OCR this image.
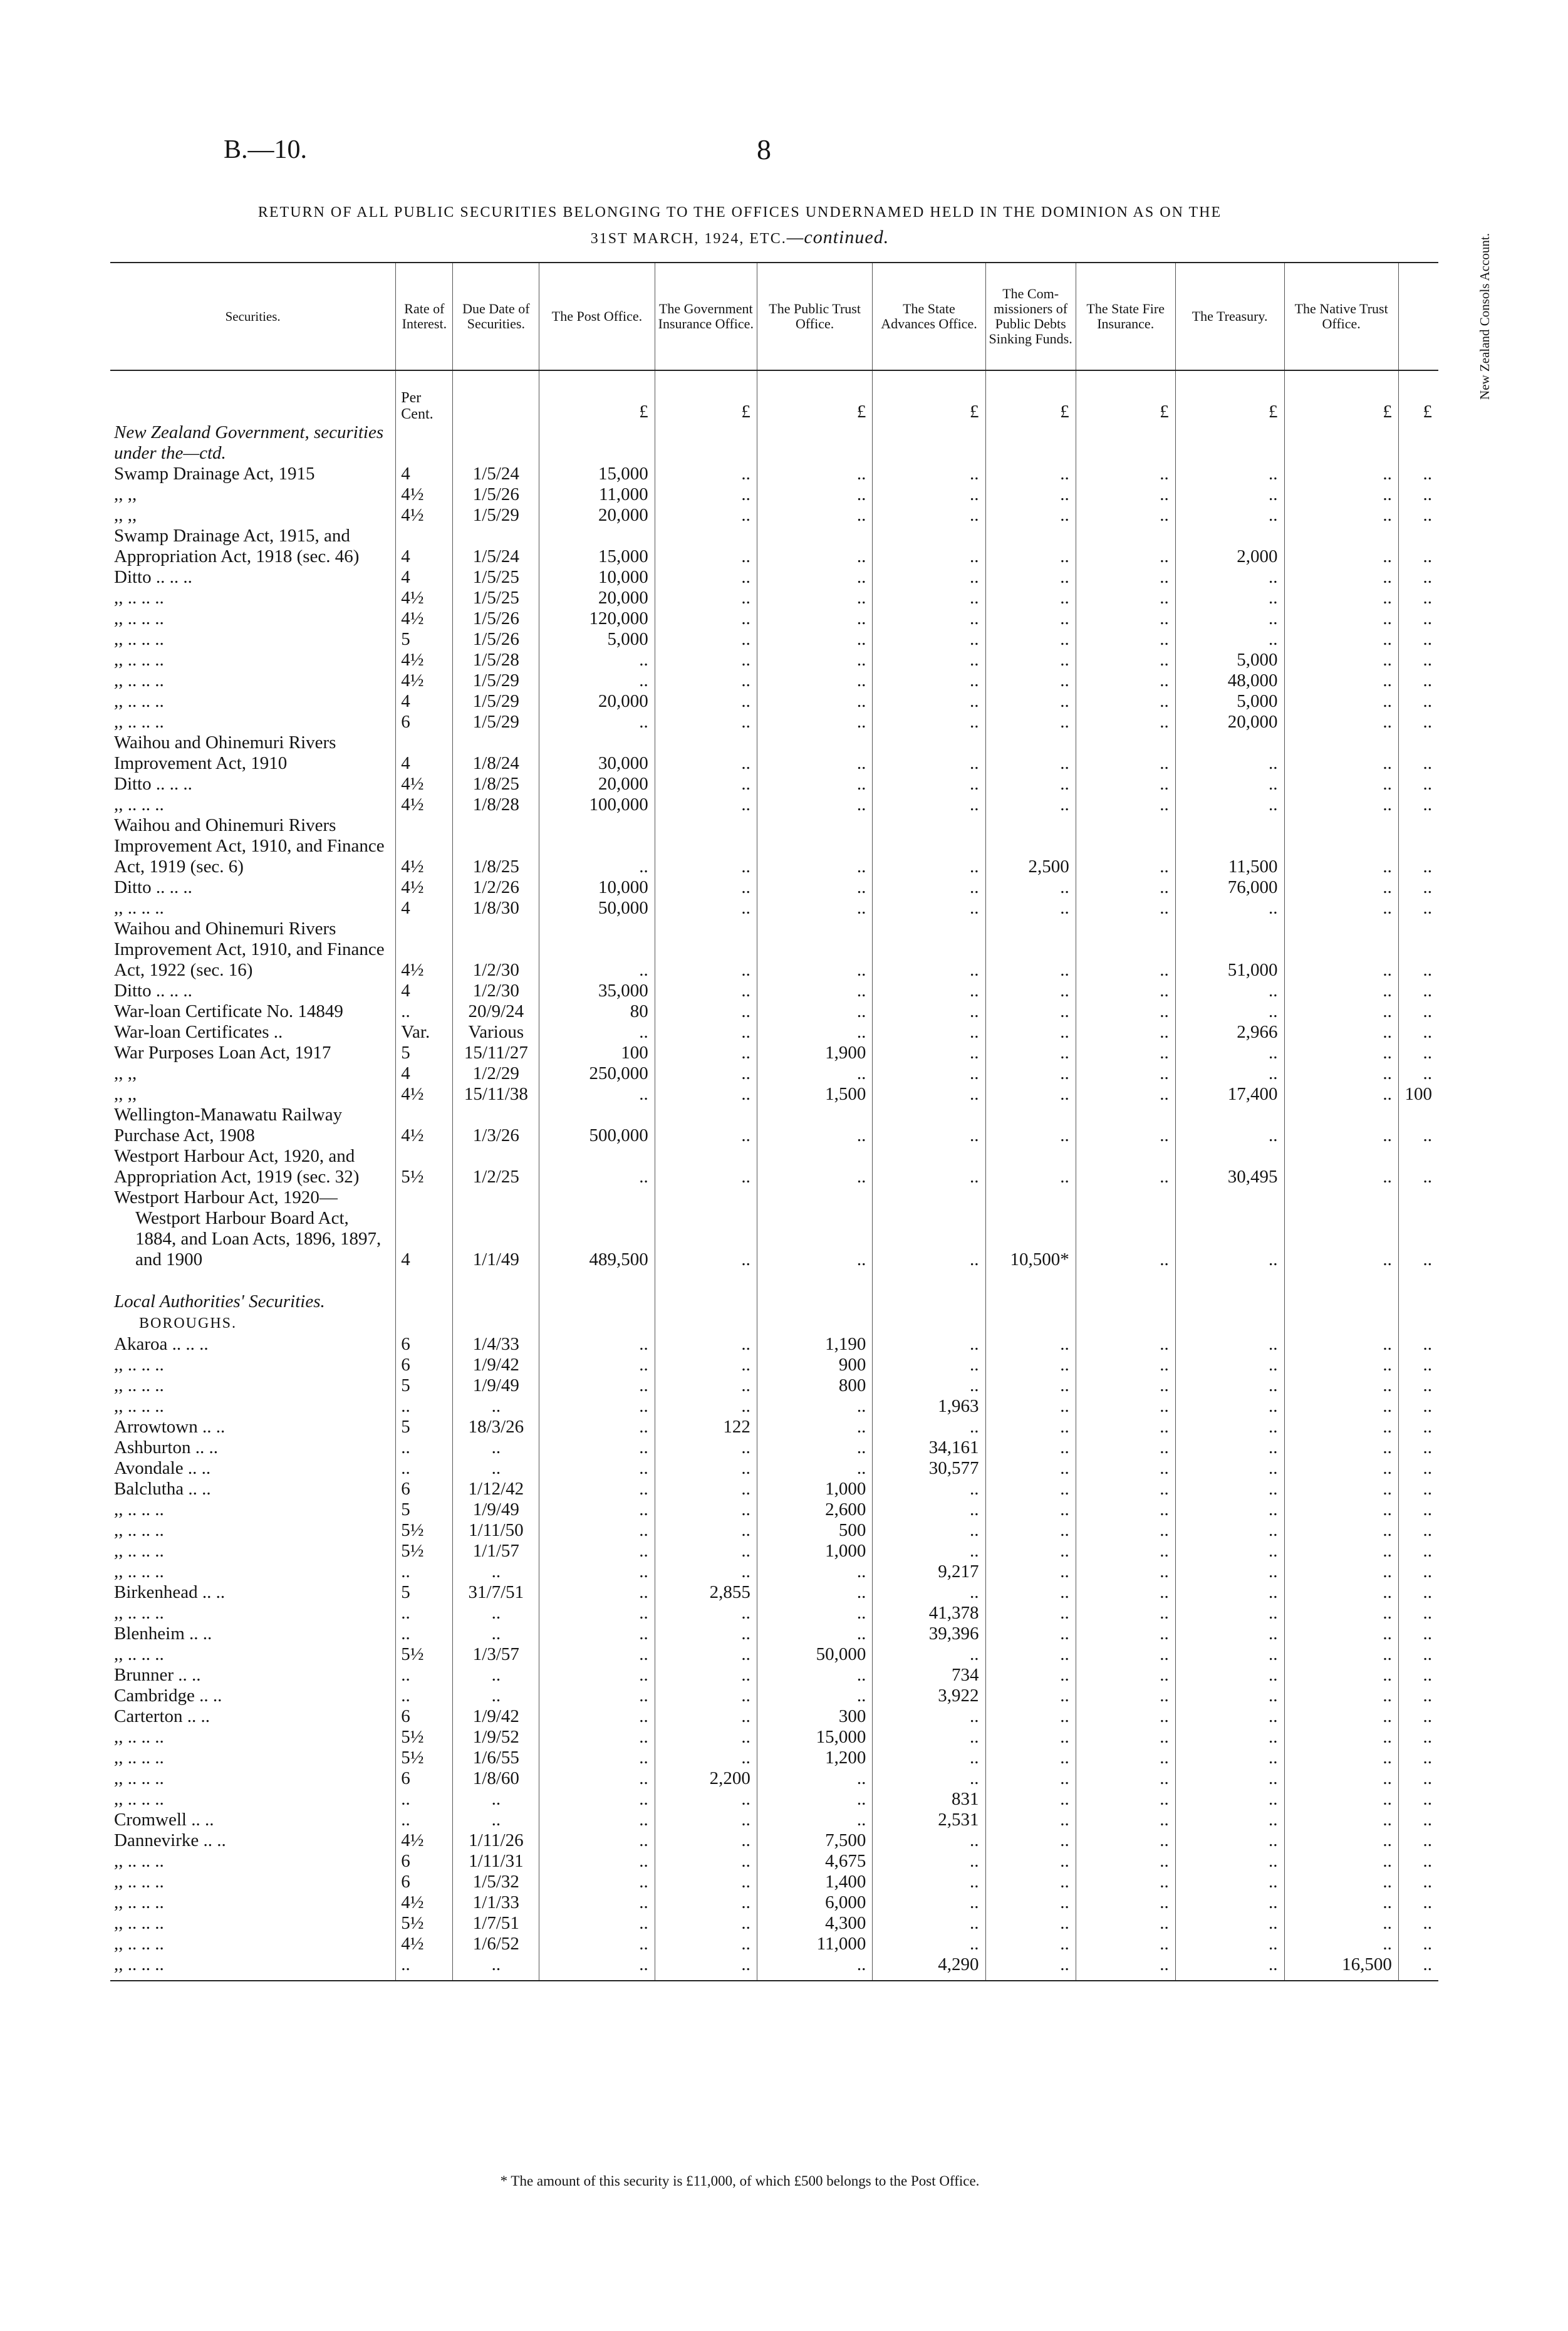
B.—10.	8
RETURN OF ALL PUBLIC SECURITIES BELONGING TO THE OFFICES UNDERNAMED HELD IN THE DOMINION AS ON THE
31ST MARCH, 1924, ETC.—continued.
Securities.	Rate of Interest.	Due Date of Securities.	The Post Office.	The Government Insurance Office.	The Public Trust Office.	The State Advances Office.	The Commissioners of Public Debts Sinking Funds.	The State Fire Insurance.	The Treasury.	The Native Trust Office.	New Zealand Consols Account.
	Per Cent.		£	£	£	£	£	£	£	£	£
New Zealand Government, securities under the—ctd.											
Swamp Drainage Act, 1915	4	1/5/24	15,000	..	..	..	..	..	..	..	..
,, ,,	4½	1/5/26	11,000	..	..	..	..	..	..	..	..
,, ,,	4½	1/5/29	20,000	..	..	..	..	..	..	..	..
Swamp Drainage Act, 1915, and Appropriation Act, 1918 (sec. 46)	4	1/5/24	15,000	..	..	..	..	..	2,000	..	..
Ditto .. .. ..	4	1/5/25	10,000	..	..	..	..	..	..	..	..
,, .. .. ..	4½	1/5/25	20,000	..	..	..	..	..	..	..	..
,, .. .. ..	4½	1/5/26	120,000	..	..	..	..	..	..	..	..
,, .. .. ..	5	1/5/26	5,000	..	..	..	..	..	..	..	..
,, .. .. ..	4½	1/5/28	..	..	..	..	..	..	5,000	..	..
,, .. .. ..	4½	1/5/29	..	..	..	..	..	..	48,000	..	..
,, .. .. ..	4	1/5/29	20,000	..	..	..	..	..	5,000	..	..
,, .. .. ..	6	1/5/29	..	..	..	..	..	..	20,000	..	..
Waihou and Ohinemuri Rivers Improvement Act, 1910	4	1/8/24	30,000	..	..	..	..	..	..	..	..
Ditto .. .. ..	4½	1/8/25	20,000	..	..	..	..	..	..	..	..
,, .. .. ..	4½	1/8/28	100,000	..	..	..	..	..	..	..	..
Waihou and Ohinemuri Rivers Improvement Act, 1910, and Finance Act, 1919 (sec. 6)	4½	1/8/25	..	..	..	..	2,500	..	11,500	..	..
Ditto .. .. ..	4½	1/2/26	10,000	..	..	..	..	..	76,000	..	..
,, .. .. ..	4	1/8/30	50,000	..	..	..	..	..	..	..	..
Waihou and Ohinemuri Rivers Improvement Act, 1910, and Finance Act, 1922 (sec. 16)	4½	1/2/30	..	..	..	..	..	..	51,000	..	..
Ditto .. .. ..	4	1/2/30	35,000	..	..	..	..	..	..	..	..
War-loan Certificate No. 14849	..	20/9/24	80	..	..	..	..	..	..	..	..
War-loan Certificates ..	Var.	Various	..	..	..	..	..	..	2,966	..	..
War Purposes Loan Act, 1917	5	15/11/27	100	..	1,900	..	..	..	..	..	..
,, ,,	4	1/2/29	250,000	..	..	..	..	..	..	..	..
,, ,,	4½	15/11/38	..	..	1,500	..	..	..	17,400	..	100
Wellington-Manawatu Railway Purchase Act, 1908	4½	1/3/26	500,000	..	..	..	..	..	..	..	..
Westport Harbour Act, 1920, and Appropriation Act, 1919 (sec. 32)	5½	1/2/25	..	..	..	..	..	..	30,495	..	..
Westport Harbour Act, 1920—											
Westport Harbour Board Act, 1884, and Loan Acts, 1896, 1897, and 1900	4	1/1/49	489,500	..	..	..	10,500*	..	..	..	..

Local Authorities' Securities.											
BOROUGHS.											
Akaroa .. .. ..	6	1/4/33	..	..	1,190	..	..	..	..	..	..
,, .. .. ..	6	1/9/42	..	..	900	..	..	..	..	..	..
,, .. .. ..	5	1/9/49	..	..	800	..	..	..	..	..	..
,, .. .. ..	..	..	..	..	..	1,963	..	..	..	..	..
Arrowtown .. ..	5	18/3/26	..	122	..	..	..	..	..	..	..
Ashburton .. ..	..	..	..	..	..	34,161	..	..	..	..	..
Avondale .. ..	..	..	..	..	..	30,577	..	..	..	..	..
Balclutha .. ..	6	1/12/42	..	..	1,000	..	..	..	..	..	..
,, .. .. ..	5	1/9/49	..	..	2,600	..	..	..	..	..	..
,, .. .. ..	5½	1/11/50	..	..	500	..	..	..	..	..	..
,, .. .. ..	5½	1/1/57	..	..	1,000	..	..	..	..	..	..
,, .. .. ..	..	..	..	..	..	9,217	..	..	..	..	..
Birkenhead .. ..	5	31/7/51	..	2,855	..	..	..	..	..	..	..
,, .. .. ..	..	..	..	..	..	41,378	..	..	..	..	..
Blenheim .. ..	..	..	..	..	..	39,396	..	..	..	..	..
,, .. .. ..	5½	1/3/57	..	..	50,000	..	..	..	..	..	..
Brunner .. ..	..	..	..	..	..	734	..	..	..	..	..
Cambridge .. ..	..	..	..	..	..	3,922	..	..	..	..	..
Carterton .. ..	6	1/9/42	..	..	300	..	..	..	..	..	..
,, .. .. ..	5½	1/9/52	..	..	15,000	..	..	..	..	..	..
,, .. .. ..	5½	1/6/55	..	..	1,200	..	..	..	..	..	..
,, .. .. ..	6	1/8/60	..	2,200	..	..	..	..	..	..	..
,, .. .. ..	..	..	..	..	..	831	..	..	..	..	..
Cromwell .. ..	..	..	..	..	..	2,531	..	..	..	..	..
Dannevirke .. ..	4½	1/11/26	..	..	7,500	..	..	..	..	..	..
,, .. .. ..	6	1/11/31	..	..	4,675	..	..	..	..	..	..
,, .. .. ..	6	1/5/32	..	..	1,400	..	..	..	..	..	..
,, .. .. ..	4½	1/1/33	..	..	6,000	..	..	..	..	..	..
,, .. .. ..	5½	1/7/51	..	..	4,300	..	..	..	..	..	..
,, .. .. ..	4½	1/6/52	..	..	11,000	..	..	..	..	..	..
,, .. .. ..	..	..	..	..	..	4,290	..	..	..	16,500	..
* The amount of this security is £11,000, of which £500 belongs to the Post Office.
